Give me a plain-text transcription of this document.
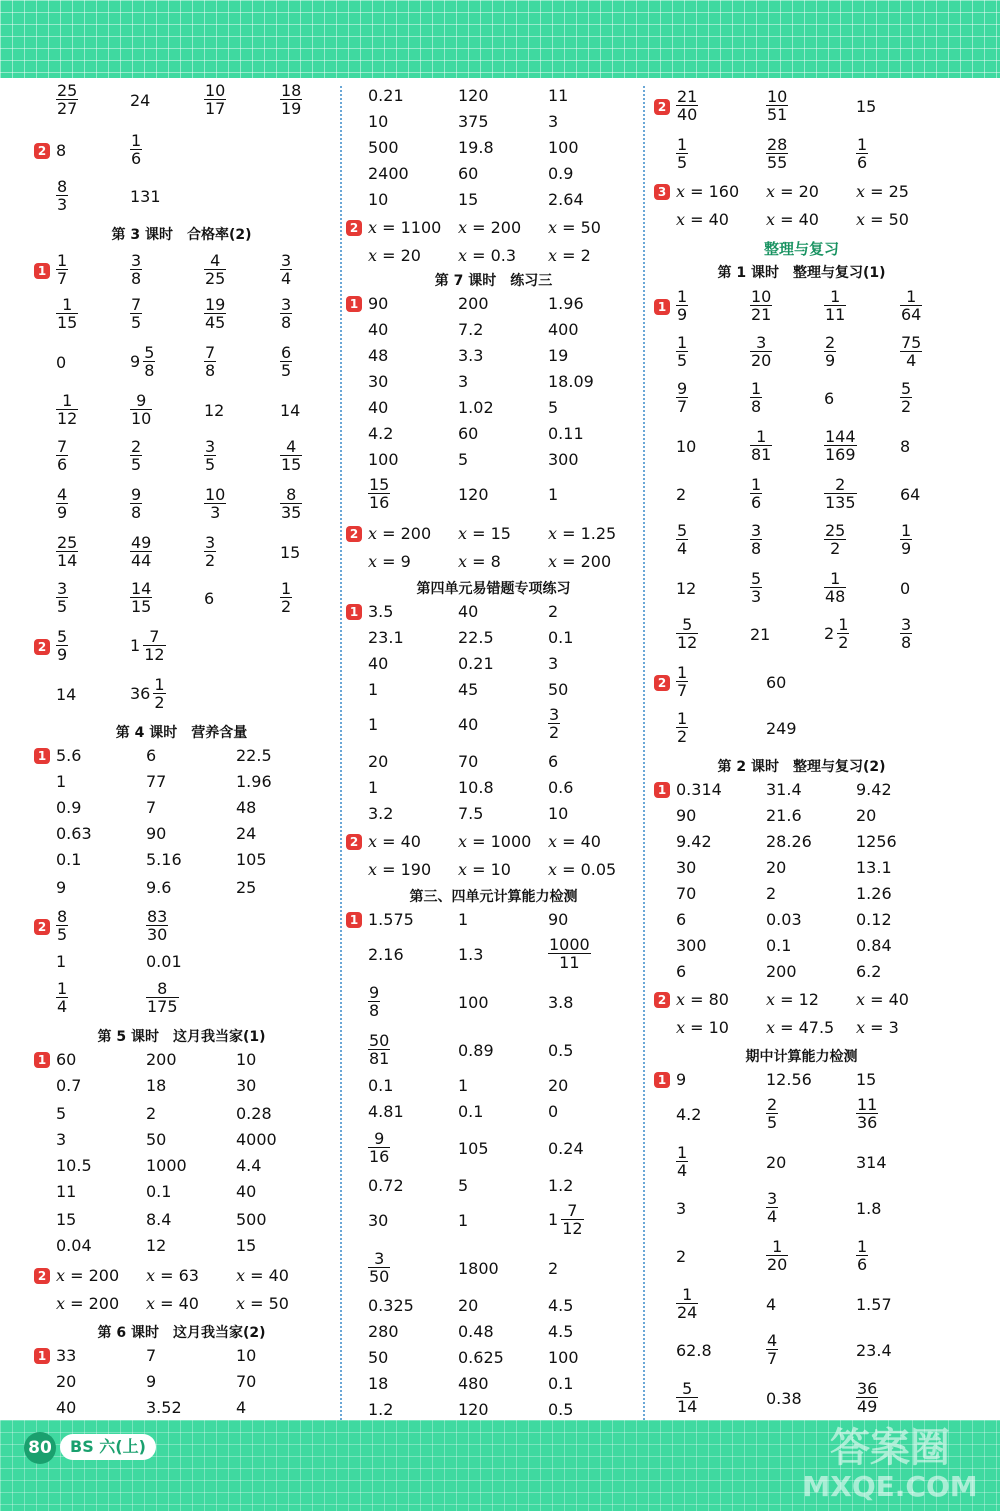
$\frac{25}{27}$	24	$\frac{10}{17}$	$\frac{18}{19}$
2 8	$\frac{1}{6}$
$\frac{8}{3}$	131
第 3 课时　合格率(2)
$1 \frac{1}{7}$	$\frac{3}{8}$	$\frac{4}{25}$	$\frac{3}{4}$
$\frac{1}{15}$	$\frac{7}{5}$	$\frac{19}{45}$	$\frac{3}{8}$
0	$9 \frac{5}{8}$	$\frac{7}{8}$	$\frac{6}{5}$
$\frac{1}{12}$	$\frac{9}{10}$	12	14
$\frac{7}{6}$	$\frac{2}{5}$	$\frac{3}{5}$	$\frac{4}{15}$
$\frac{4}{9}$	$\frac{9}{8}$	$\frac{10}{3}$	$\frac{8}{35}$
$\frac{25}{14}$	$\frac{49}{44}$	$\frac{3}{2}$	15
$\frac{3}{5}$	$\frac{14}{15}$	6	$\frac{1}{2}$
$2 \frac{5}{9}$	$1 \frac{7}{12}$
14	$36 \frac{1}{2}$
第 4 课时　营养含量
1 5.6	6	22.5
1	77	1.96
0.9	7	48
0.63	90	24
0.1	5.16	105
9	9.6	25
$2 \frac{8}{5}$	$\frac{83}{30}$
1	0.01
$\frac{1}{4}$	$\frac{8}{175}$
第 5 课时　这月我当家(1)
1 60	200	10
0.7	18	30
5	2	0.28
3	50	4000
10.5	1000	4.4
11	0.1	40
15	8.4	500
0.04	12	15
2 x = 200 x = 63 x = 40
x = 200 x = 40 x = 50
第 6 课时　这月我当家(2)
1 33	7	10
20	9	70
40	3.52	4
0.21	120	11
10	375	3
500	19.8	100
2400	60	0.9
10	15	2.64
2 x = 1100 x = 200 x = 50
x = 20 x = 0.3 x = 2
第 7 课时　练习三
1 90	200	1.96
40	7.2	400
48	3.3	19
30	3	18.09
40	1.02	5
4.2	60	0.11
100	5	300
$\frac{15}{16}$	120	1
2 x = 200 x = 15 x = 1.25
x = 9	x = 8	x = 200
第四单元易错题专项练习
1 3.5	40	2
23.1	22.5	0.1
40	0.21	3
1	45	50
1	40	$\frac{3}{2}$
20	70	6
1	10.8	0.6
3.2	7.5	10
2 x = 40 x = 1000 x = 40
x = 190 x = 10 x = 0.05
第三、四单元计算能力检测
1 1.575	1	90
2.16	1.3	$\frac{1000}{11}$
$\frac{9}{8}$	100	3.8
$\frac{50}{81}$	0.89	0.5
0.1	1	20
4.81	0.1	0
$\frac{9}{16}$	105	0.24
0.72	5	1.2
30	1	$1 \frac{7}{12}$
$\frac{3}{50}$	1800	2
0.325	20	4.5
280	0.48	4.5
50	0.625	100
18	480	0.1
1.2	120	0.5
$2 \frac{21}{40}$	$\frac{10}{51}$	15
$\frac{1}{5}$	$\frac{28}{55}$	$\frac{1}{6}$
3 x = 160 x = 20 x = 25
x = 40 x = 40 x = 50
整理与复习
第 1 课时　整理与复习(1)
$1 \frac{1}{9}$	$\frac{10}{21}$	$\frac{1}{11}$	$\frac{1}{64}$
$\frac{1}{5}$	$\frac{3}{20}$	$\frac{2}{9}$	$\frac{75}{4}$
$\frac{9}{7}$	$\frac{1}{8}$	6	$\frac{5}{2}$
10	$\frac{1}{81}$	$\frac{144}{169}$	8
2	$\frac{1}{6}$	$\frac{2}{135}$	64
$\frac{5}{4}$	$\frac{3}{8}$	$\frac{25}{2}$	$\frac{1}{9}$
12	$\frac{5}{3}$	$\frac{1}{48}$	0
$\frac{5}{12}$	21	$2 \frac{1}{2}$	$\frac{3}{8}$
$2 \frac{1}{7}$	60
$\frac{1}{2}$	249
第 2 课时　整理与复习(2)
1 0.314	31.4	9.42
90	21.6	20
9.42	28.26	1256
30	20	13.1
70	2	1.26
6	0.03	0.12
300	0.1	0.84
6	200	6.2
2 x = 80 x = 12 x = 40
x = 10 x = 47.5 x = 3
期中计算能力检测
1 9	12.56	15
4.2	$\frac{2}{5}$	$\frac{11}{36}$
$\frac{1}{4}$	20	314
3	$\frac{3}{4}$	1.8
2	$\frac{1}{20}$	$\frac{1}{6}$
$\frac{1}{24}$	4	1.57
62.8	$\frac{4}{7}$	23.4
$\frac{5}{14}$	0.38	$\frac{36}{49}$
80	BS 六(上)	答案圈
MXQE.COM
